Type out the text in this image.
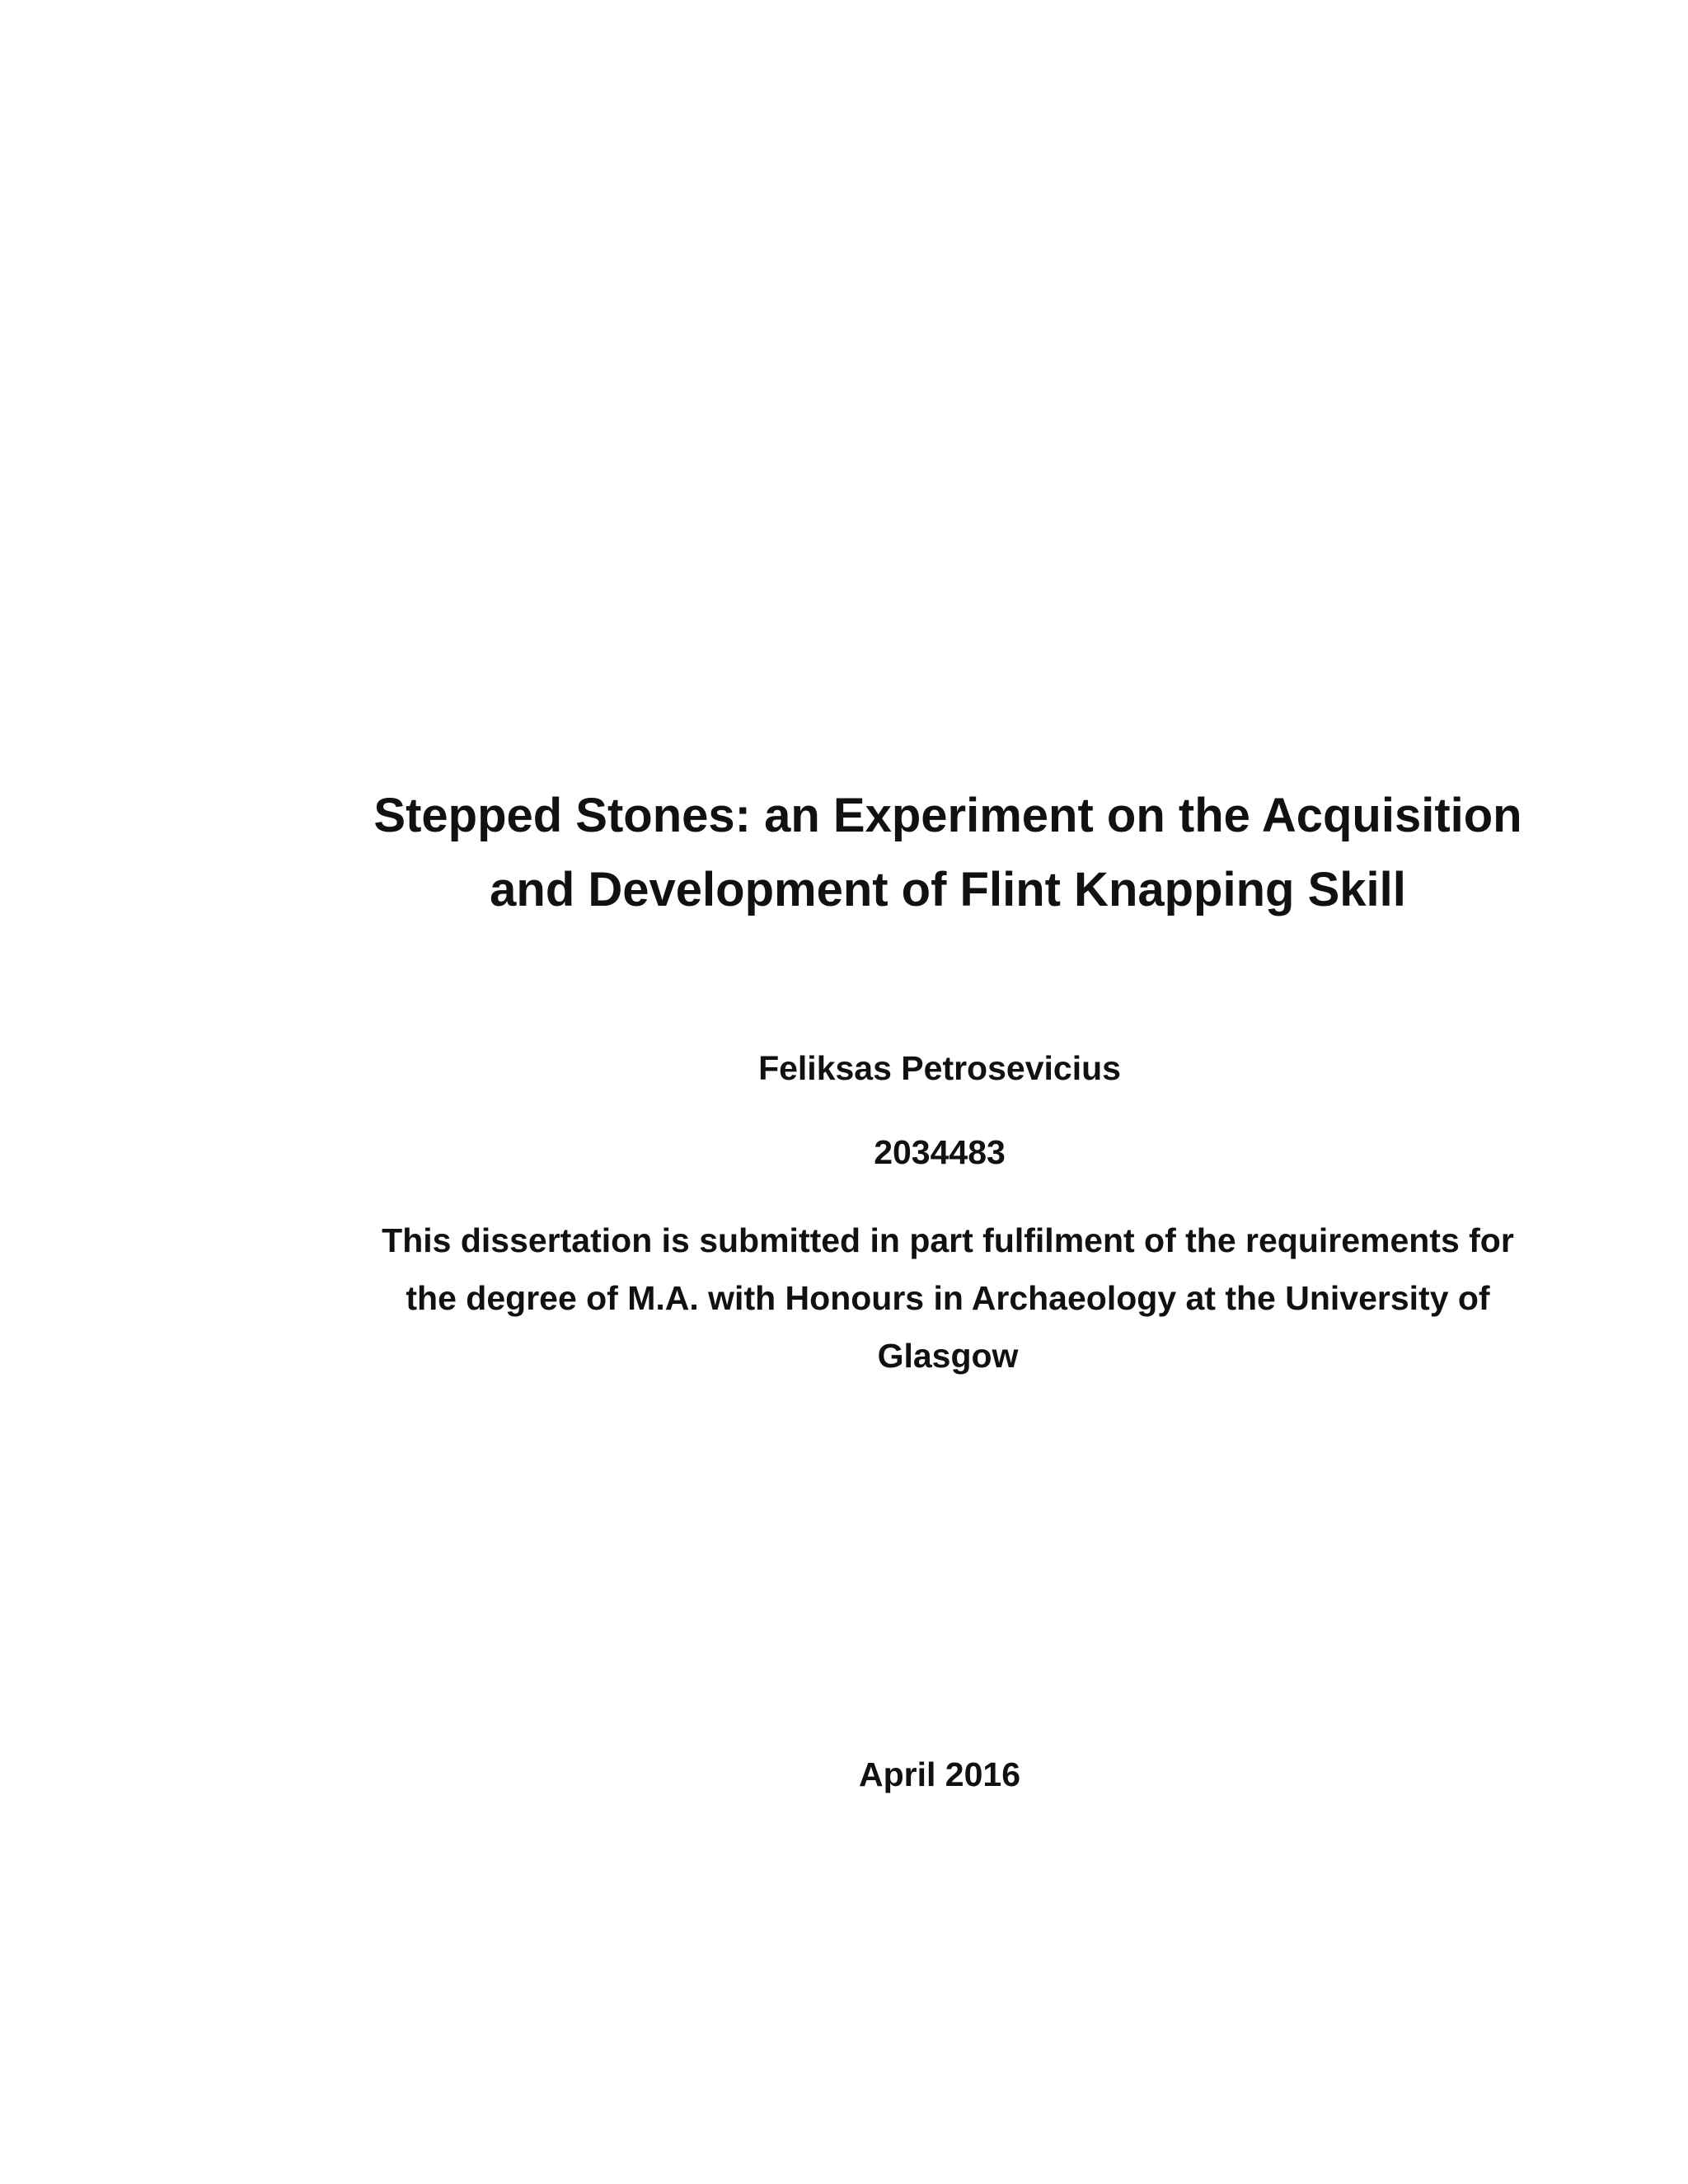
Stepped Stones: an Experiment on the Acquisition
and Development of Flint Knapping Skill
Feliksas Petrosevicius
2034483
This dissertation is submitted in part fulfilment of the requirements for
the degree of M.A. with Honours in Archaeology at the University of
Glasgow
April 2016
